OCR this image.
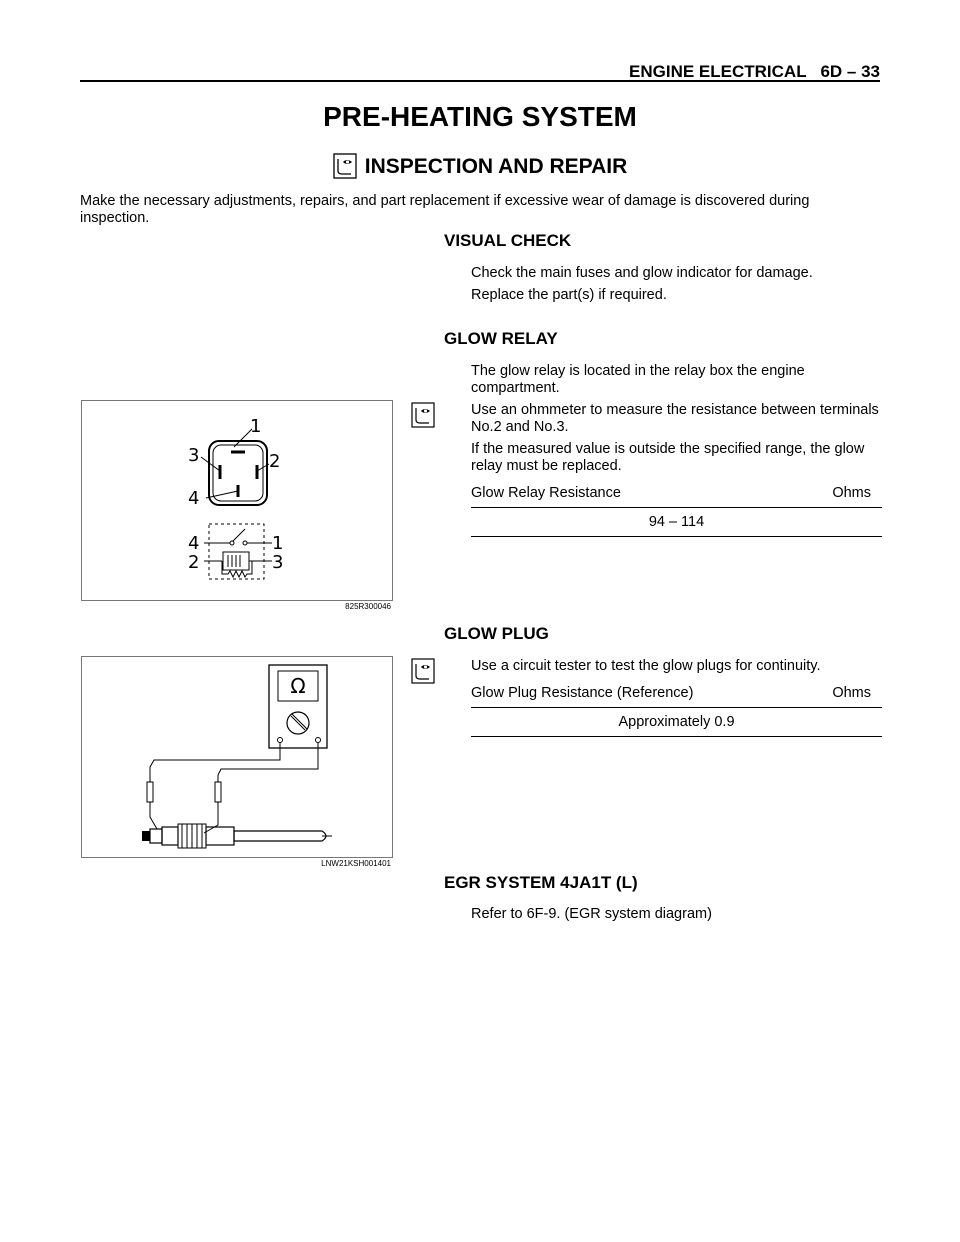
ENGINE ELECTRICAL 6D – 33
PRE-HEATING SYSTEM
INSPECTION AND REPAIR
Make the necessary adjustments, repairs, and part replacement if excessive wear of damage is discovered during inspection.
VISUAL CHECK
Check the main fuses and glow indicator for damage.
Replace the part(s) if required.
GLOW RELAY
The glow relay is located in the relay box the engine compartment.
Use an ohmmeter to measure the resistance between terminals No.2 and No.3.
If the measured value is outside the specified range, the glow relay must be replaced.
Glow Relay Resistance	Ohms
94 – 114
1
3	2
4
4
2
1
3
825R300046
GLOW PLUG
Use a circuit tester to test the glow plugs for continuity.
Glow Plug Resistance (Reference)	Ohms
Approximately 0.9
Ω
LNW21KSH001401
EGR SYSTEM 4JA1T (L)
Refer to 6F-9. (EGR system diagram)
